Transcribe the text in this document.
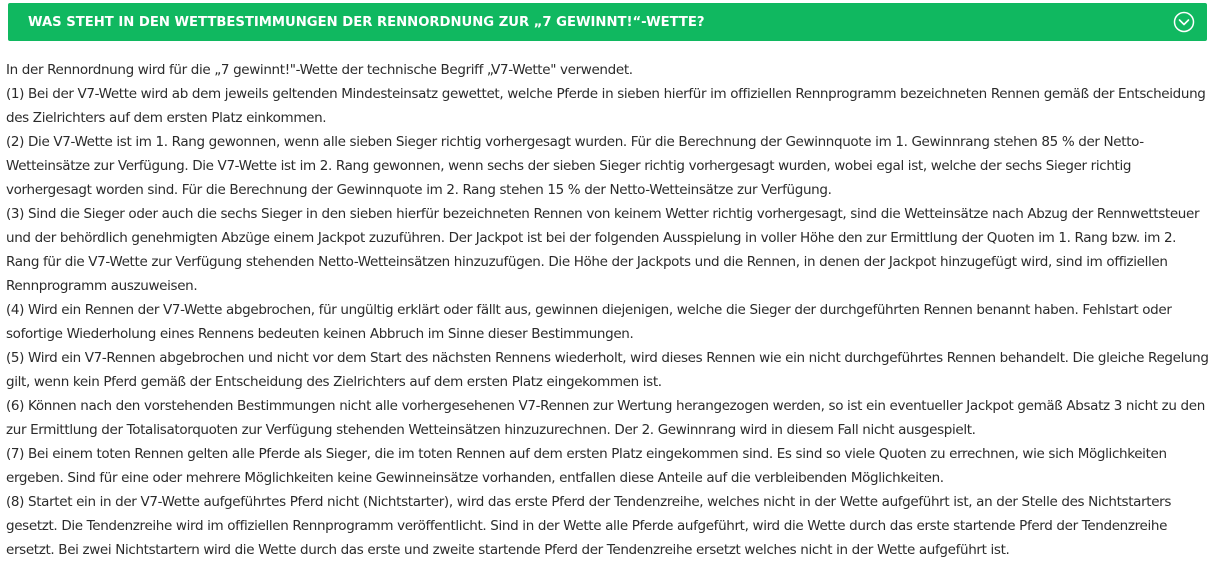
WAS STEHT IN DEN WETTBESTIMMUNGEN DER RENNORDNUNG ZUR „7 GEWINNT!“-WETTE?

In der Rennordnung wird für die „7 gewinnt!"-Wette der technische Begriff „V7-Wette" verwendet.

(1) Bei der V7-Wette wird ab dem jeweils geltenden Mindesteinsatz gewettet, welche Pferde in sieben hierfür im offiziellen Rennprogramm bezeichneten Rennen gemäß der Entscheidung des Zielrichters auf dem ersten Platz einkommen.

(2) Die V7-Wette ist im 1. Rang gewonnen, wenn alle sieben Sieger richtig vorhergesagt wurden. Für die Berechnung der Gewinnquote im 1. Gewinnrang stehen 85 % der Netto-Wetteinsätze zur Verfügung. Die V7-Wette ist im 2. Rang gewonnen, wenn sechs der sieben Sieger richtig vorhergesagt wurden, wobei egal ist, welche der sechs Sieger richtig vorhergesagt worden sind. Für die Berechnung der Gewinnquote im 2. Rang stehen 15 % der Netto-Wetteinsätze zur Verfügung.

(3) Sind die Sieger oder auch die sechs Sieger in den sieben hierfür bezeichneten Rennen von keinem Wetter richtig vorhergesagt, sind die Wetteinsätze nach Abzug der Rennwettsteuer und der behördlich genehmigten Abzüge einem Jackpot zuzuführen. Der Jackpot ist bei der folgenden Ausspielung in voller Höhe den zur Ermittlung der Quoten im 1. Rang bzw. im 2. Rang für die V7-Wette zur Verfügung stehenden Netto-Wetteinsätzen hinzuzufügen. Die Höhe der Jackpots und die Rennen, in denen der Jackpot hinzugefügt wird, sind im offiziellen Rennprogramm auszuweisen.

(4) Wird ein Rennen der V7-Wette abgebrochen, für ungültig erklärt oder fällt aus, gewinnen diejenigen, welche die Sieger der durchgeführten Rennen benannt haben. Fehlstart oder sofortige Wiederholung eines Rennens bedeuten keinen Abbruch im Sinne dieser Bestimmungen.

(5) Wird ein V7-Rennen abgebrochen und nicht vor dem Start des nächsten Rennens wiederholt, wird dieses Rennen wie ein nicht durchgeführtes Rennen behandelt. Die gleiche Regelung gilt, wenn kein Pferd gemäß der Entscheidung des Zielrichters auf dem ersten Platz eingekommen ist.

(6) Können nach den vorstehenden Bestimmungen nicht alle vorhergesehenen V7-Rennen zur Wertung herangezogen werden, so ist ein eventueller Jackpot gemäß Absatz 3 nicht zu den zur Ermittlung der Totalisatorquoten zur Verfügung stehenden Wetteinsätzen hinzuzurechnen. Der 2. Gewinnrang wird in diesem Fall nicht ausgespielt.

(7) Bei einem toten Rennen gelten alle Pferde als Sieger, die im toten Rennen auf dem ersten Platz eingekommen sind. Es sind so viele Quoten zu errechnen, wie sich Möglichkeiten ergeben. Sind für eine oder mehrere Möglichkeiten keine Gewinneinsätze vorhanden, entfallen diese Anteile auf die verbleibenden Möglichkeiten.

(8) Startet ein in der V7-Wette aufgeführtes Pferd nicht (Nichtstarter), wird das erste Pferd der Tendenzreihe, welches nicht in der Wette aufgeführt ist, an der Stelle des Nichtstarters gesetzt. Die Tendenzreihe wird im offiziellen Rennprogramm veröffentlicht. Sind in der Wette alle Pferde aufgeführt, wird die Wette durch das erste startende Pferd der Tendenzreihe ersetzt. Bei zwei Nichtstartern wird die Wette durch das erste und zweite startende Pferd der Tendenzreihe ersetzt welches nicht in der Wette aufgeführt ist.
